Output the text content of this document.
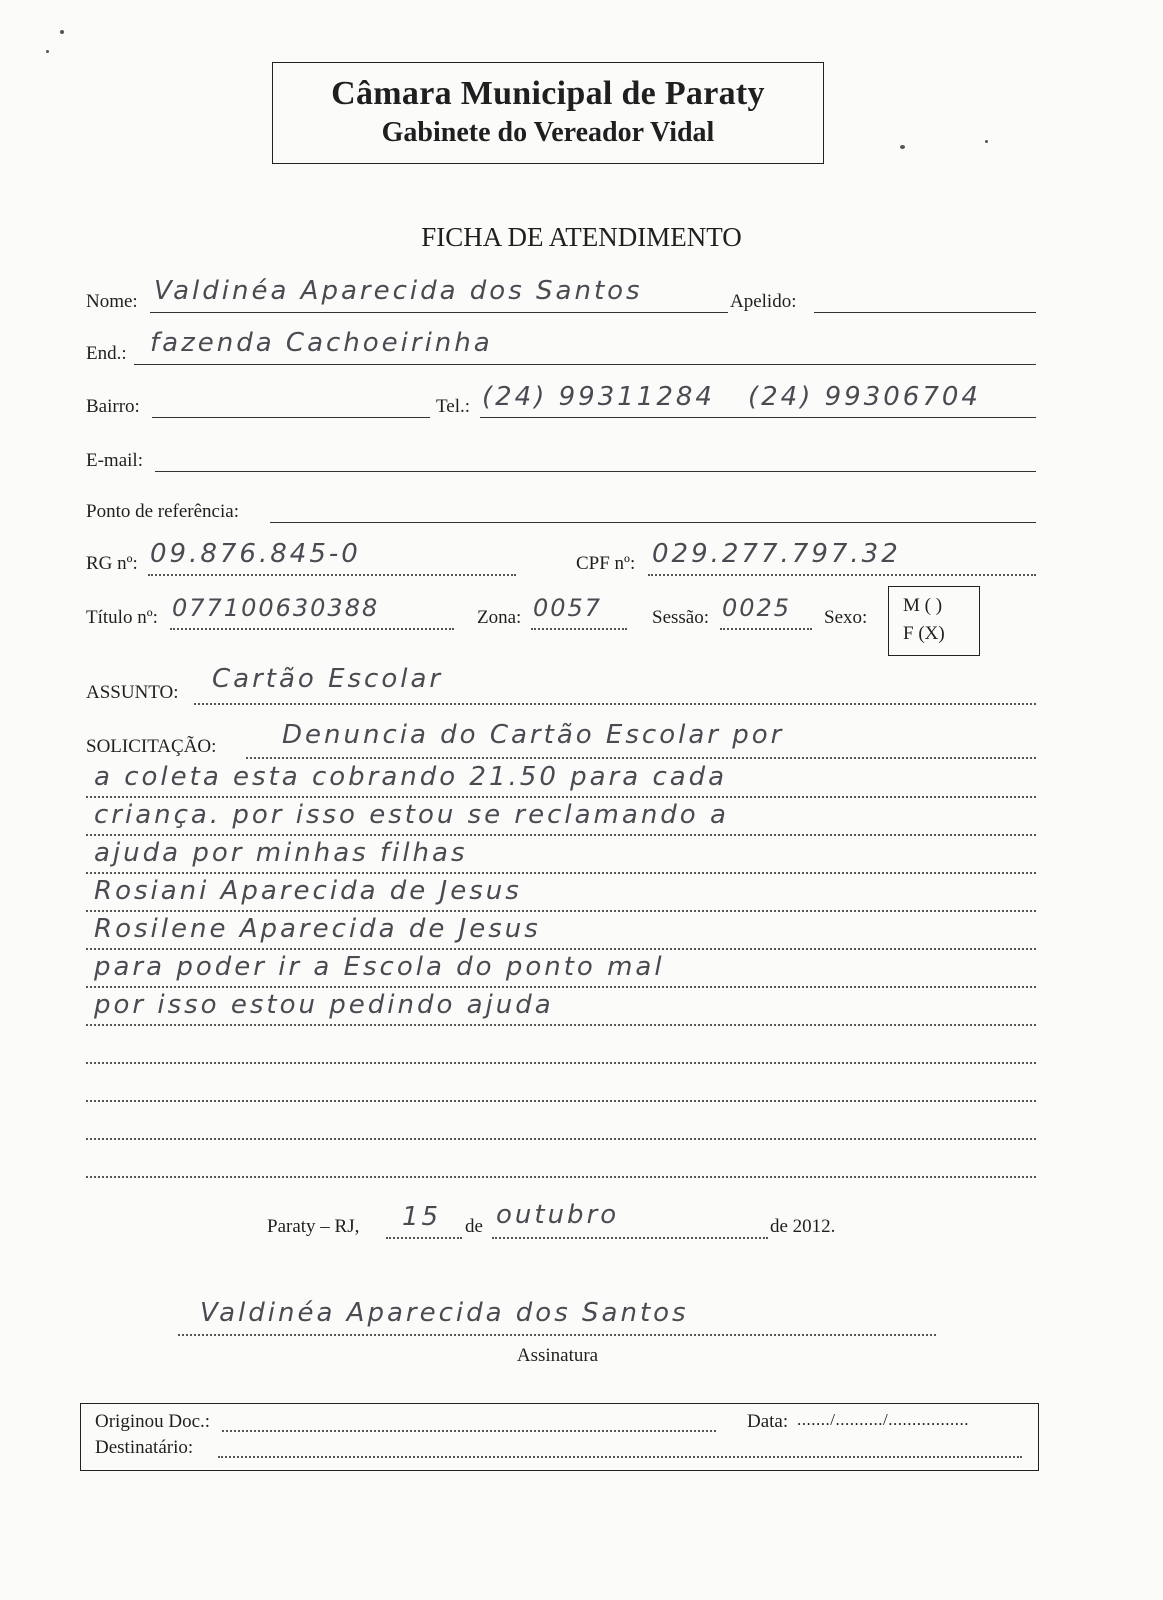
Câmara Municipal de Paraty
Gabinete do Vereador Vidal
FICHA DE ATENDIMENTO
Nome: Valdinéa Aparecida dos Santos	Apelido:
End.: fazenda Cachoeirinha
Bairro:	Tel.: (24) 99311284 (24) 99306704
E-mail:
Ponto de referência:
RG nº: 09.876.845-0	CPF nº: 029.277.797.32
Título nº: 077100630388	Zona: 0057	Sessão: 0025 Sexo:
M ( )
F (X)
ASSUNTO: Cartão Escolar
SOLICITAÇÃO:	Denuncia do Cartão Escolar por
a coleta esta cobrando 21.50 para cada
criança. por isso estou se reclamando a
ajuda por minhas filhas
Rosiani Aparecida de Jesus
Rosilene Aparecida de Jesus
para poder ir a Escola do ponto mal
por isso estou pedindo ajuda
Paraty – RJ, 15 de outubro	de 2012.
Valdinéa Aparecida dos Santos
Assinatura
Originou Doc.:	Data: ......./........../.................
Destinatário:
